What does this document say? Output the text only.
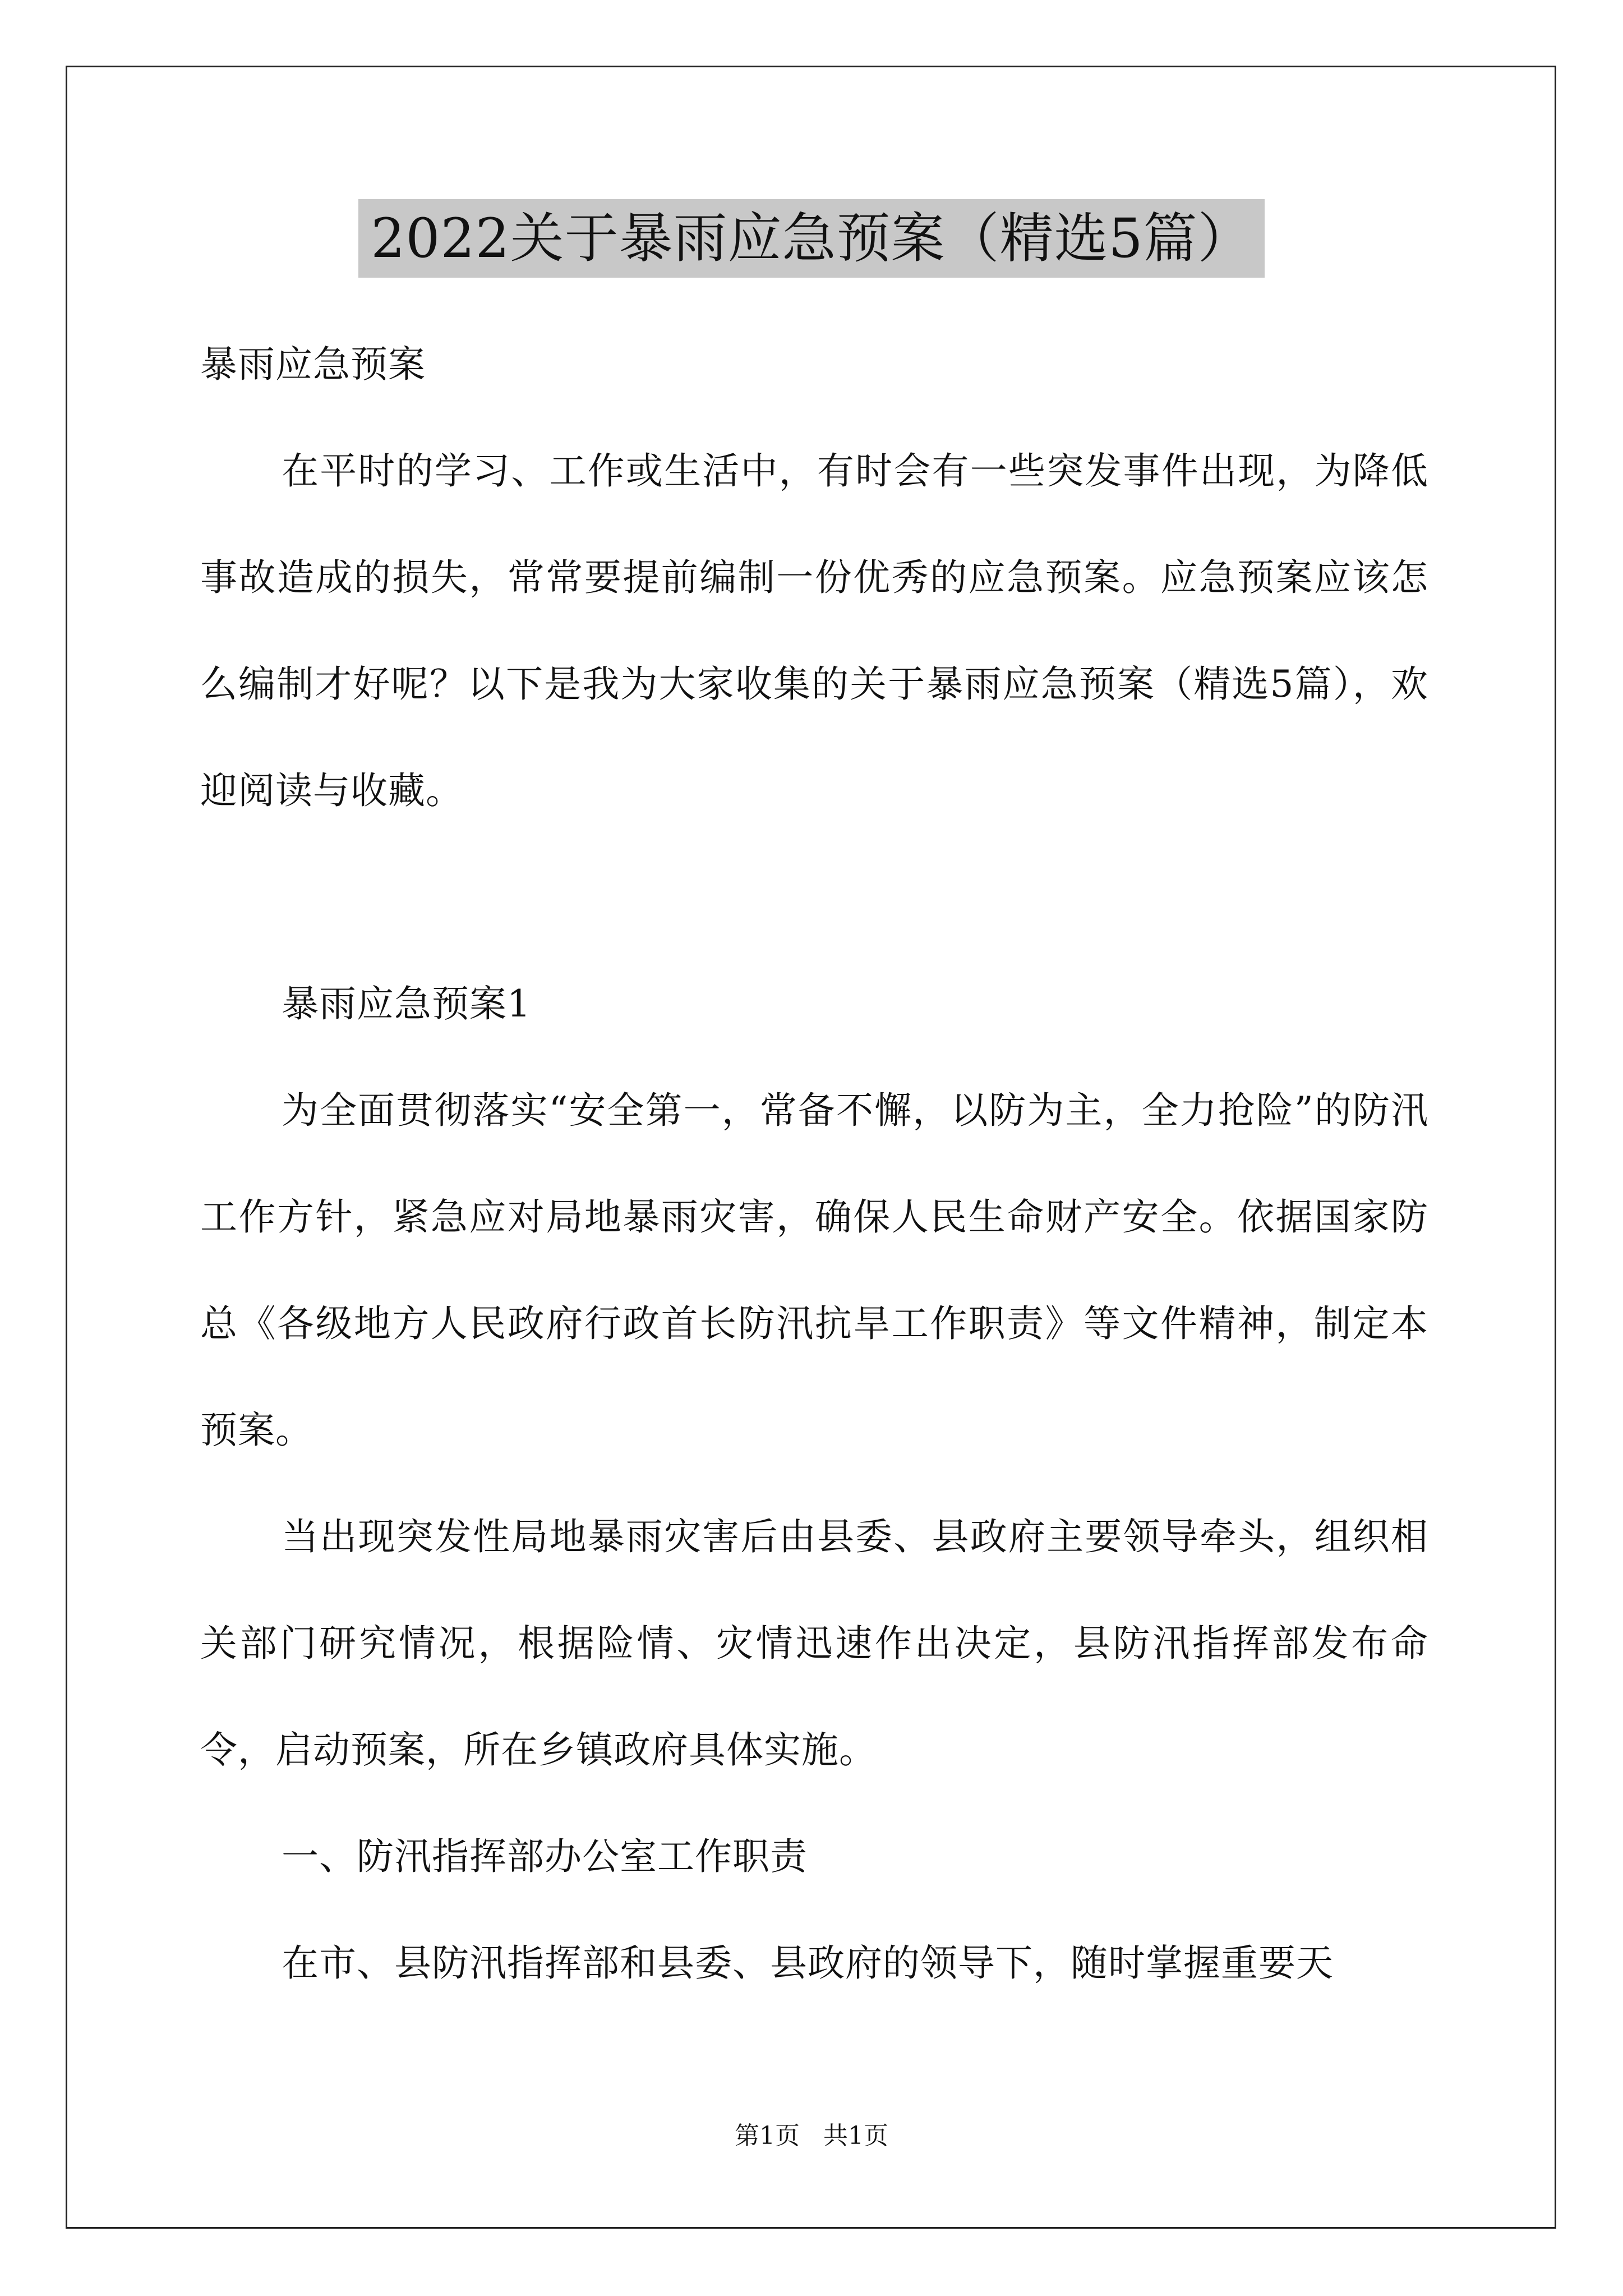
2022关于暴雨应急预案（精选5篇）

暴雨应急预案

在平时的学习、工作或生活中，有时会有一些突发事件出现，为降低事故造成的损失，常常要提前编制一份优秀的应急预案。应急预案应该怎么编制才好呢？以下是我为大家收集的关于暴雨应急预案（精选5篇），欢迎阅读与收藏。

暴雨应急预案1

为全面贯彻落实“安全第一，常备不懈，以防为主，全力抢险”的防汛工作方针，紧急应对局地暴雨灾害，确保人民生命财产安全。依据国家防总《各级地方人民政府行政首长防汛抗旱工作职责》等文件精神，制定本预案。

当出现突发性局地暴雨灾害后由县委、县政府主要领导牵头，组织相关部门研究情况，根据险情、灾情迅速作出决定，县防汛指挥部发布命令，启动预案，所在乡镇政府具体实施。

一、防汛指挥部办公室工作职责

在市、县防汛指挥部和县委、县政府的领导下，随时掌握重要天

第1页   共1页
